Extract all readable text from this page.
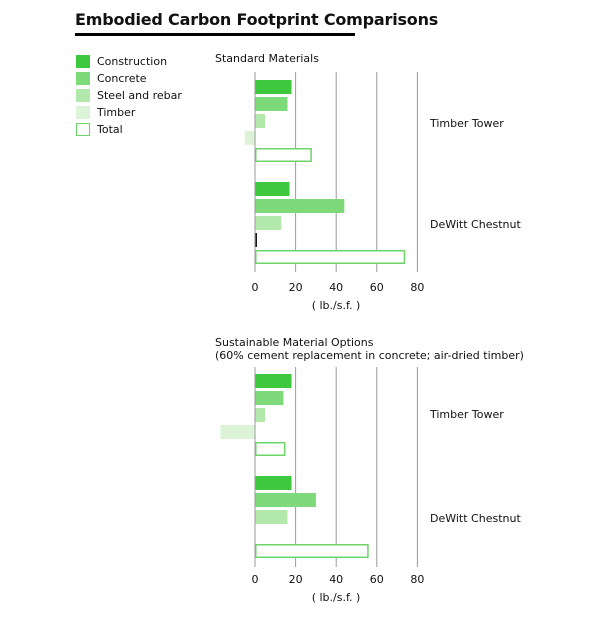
Embodied Carbon Footprint Comparisons
Construction
Concrete
Steel and rebar
Timber
Total
Standard Materials
Timber Tower
DeWitt Chestnut
0	20 40 60 80
( lb./s.f. )
Sustainable Material Options
(60% cement replacement in concrete; air-dried timber)
Timber Tower
DeWitt Chestnut
0	20 40 60 80
( lb./s.f. )
